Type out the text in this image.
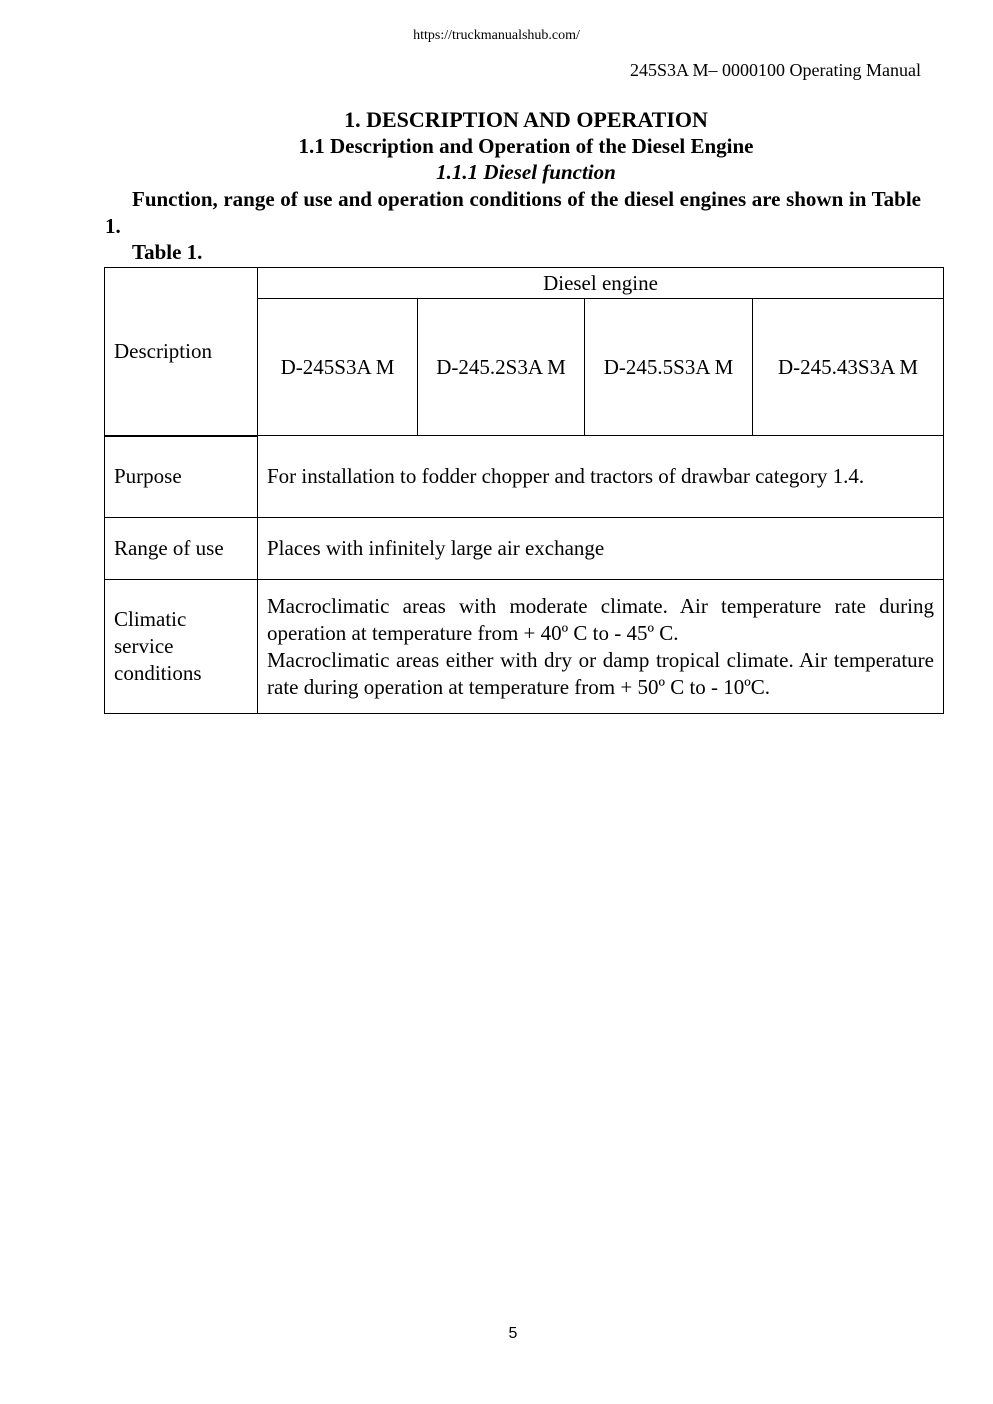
https://truckmanualshub.com/
245S3A M– 0000100 Operating Manual
1. DESCRIPTION AND OPERATION
1.1 Description and Operation of the Diesel Engine
1.1.1 Diesel function
Function, range of use and operation conditions of the diesel engines are shown in Table 1.
Table 1.
Description	Diesel engine			
	D-245S3A M	D-245.2S3A M	D-245.5S3A M	D-245.43S3A M
Purpose	For installation to fodder chopper and tractors of drawbar category 1.4.			
Range of use	Places with infinitely large air exchange			
Climatic service conditions	Macroclimatic areas with moderate climate. Air temperature rate during operation at temperature from + 40º C to - 45º C.
Macroclimatic areas either with dry or damp tropical climate. Air temperature rate during operation at temperature from + 50º C to - 10ºC.			
5
